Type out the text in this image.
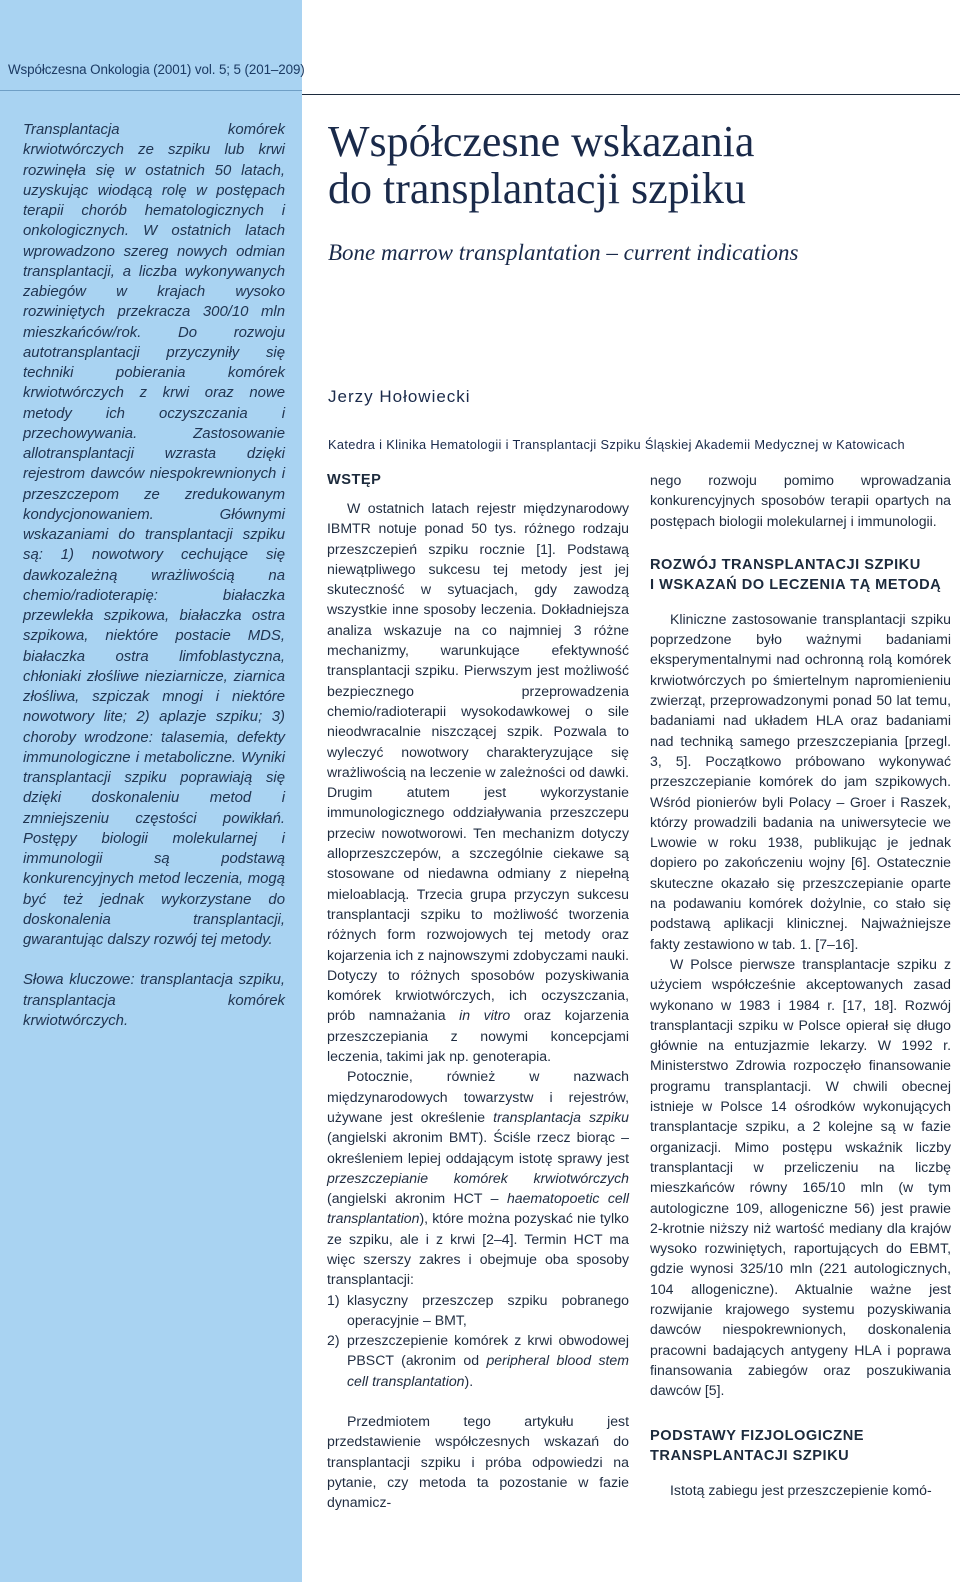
Współczesna Onkologia (2001) vol. 5; 5 (201–209)

Transplantacja komórek krwiotwórczych ze szpiku lub krwi rozwinęła się w ostatnich 50 latach, uzyskując wiodącą rolę w postępach terapii chorób hematologicznych i onkologicznych. W ostatnich latach wprowadzono szereg nowych odmian transplantacji, a liczba wykonywanych zabiegów w krajach wysoko rozwiniętych przekracza 300/10 mln mieszkańców/rok. Do rozwoju autotransplantacji przyczyniły się techniki pobierania komórek krwiotwórczych z krwi oraz nowe metody ich oczyszczania i przechowywania. Zastosowanie allotransplantacji wzrasta dzięki rejestrom dawców niespokrewnionych i przeszczepom ze zredukowanym kondycjonowaniem. Głównymi wskazaniami do transplantacji szpiku są: 1) nowotwory cechujące się dawkozależną wrażliwością na chemio/radioterapię: białaczka przewlekła szpikowa, białaczka ostra szpikowa, niektóre postacie MDS, białaczka ostra limfoblastyczna, chłoniaki złośliwe nieziarnicze, ziarnica złośliwa, szpiczak mnogi i niektóre nowotwory lite; 2) aplazje szpiku; 3) choroby wrodzone: talasemia, defekty immunologiczne i metaboliczne. Wyniki transplantacji szpiku poprawiają się dzięki doskonaleniu metod i zmniejszeniu częstości powikłań. Postępy biologii molekularnej i immunologii są podstawą konkurencyjnych metod leczenia, mogą być też jednak wykorzystane do doskonalenia transplantacji, gwarantując dalszy rozwój tej metody.

Słowa kluczowe: transplantacja szpiku, transplantacja komórek krwiotwórczych.

Współczesne wskazania
do transplantacji szpiku
Bone marrow transplantation – current indications
Jerzy Hołowiecki
Katedra i Klinika Hematologii i Transplantacji Szpiku Śląskiej Akademii Medycznej w Katowicach
WSTĘP

W ostatnich latach rejestr międzynarodowy IBMTR notuje ponad 50 tys. różnego rodzaju przeszczepień szpiku rocznie [1]. Podstawą niewątpliwego sukcesu tej metody jest jej skuteczność w sytuacjach, gdy zawodzą wszystkie inne sposoby leczenia. Dokładniejsza analiza wskazuje na co najmniej 3 różne mechanizmy, warunkujące efektywność transplantacji szpiku. Pierwszym jest możliwość bezpiecznego przeprowadzenia chemio/radioterapii wysokodawkowej o sile nieodwracalnie niszczącej szpik. Pozwala to wyleczyć nowotwory charakteryzujące się wrażliwością na leczenie w zależności od dawki. Drugim atutem jest wykorzystanie immunologicznego oddziaływania przeszczepu przeciw nowotworowi. Ten mechanizm dotyczy alloprzeszczepów, a szczególnie ciekawe są stosowane od niedawna odmiany z niepełną mieloablacją. Trzecia grupa przyczyn sukcesu transplantacji szpiku to możliwość tworzenia różnych form rozwojowych tej metody oraz kojarzenia ich z najnowszymi zdobyczami nauki. Dotyczy to różnych sposobów pozyskiwania komórek krwiotwórczych, ich oczyszczania, prób namnażania in vitro oraz kojarzenia przeszczepiania z nowymi koncepcjami leczenia, takimi jak np. genoterapia.

Potocznie, również w nazwach międzynarodowych towarzystw i rejestrów, używane jest określenie transplantacja szpiku (angielski akronim BMT). Ściśle rzecz biorąc – określeniem lepiej oddającym istotę sprawy jest przeszczepianie komórek krwiotwórczych (angielski akronim HCT – haematopoetic cell transplantation), które można pozyskać nie tylko ze szpiku, ale i z krwi [2–4]. Termin HCT ma więc szerszy zakres i obejmuje oba sposoby transplantacji:

1) klasyczny przeszczep szpiku pobranego operacyjnie – BMT,
2) przeszczepienie komórek z krwi obwodowej PBSCT (akronim od peripheral blood stem cell transplantation).

Przedmiotem tego artykułu jest przedstawienie współczesnych wskazań do transplantacji szpiku i próba odpowiedzi na pytanie, czy metoda ta pozostanie w fazie dynamicz-

nego rozwoju pomimo wprowadzania konkurencyjnych sposobów terapii opartych na postępach biologii molekularnej i immunologii.

ROZWÓJ TRANSPLANTACJI SZPIKU
I WSKAZAŃ DO LECZENIA TĄ METODĄ

Kliniczne zastosowanie transplantacji szpiku poprzedzone było ważnymi badaniami eksperymentalnymi nad ochronną rolą komórek krwiotwórczych po śmiertelnym napromienieniu zwierząt, przeprowadzonymi ponad 50 lat temu, badaniami nad układem HLA oraz badaniami nad techniką samego przeszczepiania [przegl. 3, 5]. Początkowo próbowano wykonywać przeszczepianie komórek do jam szpikowych. Wśród pionierów byli Polacy – Groer i Raszek, którzy prowadzili badania na uniwersytecie we Lwowie w roku 1938, publikując je jednak dopiero po zakończeniu wojny [6]. Ostatecznie skuteczne okazało się przeszczepianie oparte na podawaniu komórek dożylnie, co stało się podstawą aplikacji klinicznej. Najważniejsze fakty zestawiono w tab. 1. [7–16].

W Polsce pierwsze transplantacje szpiku z użyciem współcześnie akceptowanych zasad wykonano w 1983 i 1984 r. [17, 18]. Rozwój transplantacji szpiku w Polsce opierał się długo głównie na entuzjazmie lekarzy. W 1992 r. Ministerstwo Zdrowia rozpoczęło finansowanie programu transplantacji. W chwili obecnej istnieje w Polsce 14 ośrodków wykonujących transplantacje szpiku, a 2 kolejne są w fazie organizacji. Mimo postępu wskaźnik liczby transplantacji w przeliczeniu na liczbę mieszkańców równy 165/10 mln (w tym autologiczne 109, allogeniczne 56) jest prawie 2-krotnie niższy niż wartość mediany dla krajów wysoko rozwiniętych, raportujących do EBMT, gdzie wynosi 325/10 mln (221 autologicznych, 104 allogeniczne). Aktualnie ważne jest rozwijanie krajowego systemu pozyskiwania dawców niespokrewnionych, doskonalenia pracowni badających antygeny HLA i poprawa finansowania zabiegów oraz poszukiwania dawców [5].

PODSTAWY FIZJOLOGICZNE
TRANSPLANTACJI SZPIKU

Istotą zabiegu jest przeszczepienie komó-
